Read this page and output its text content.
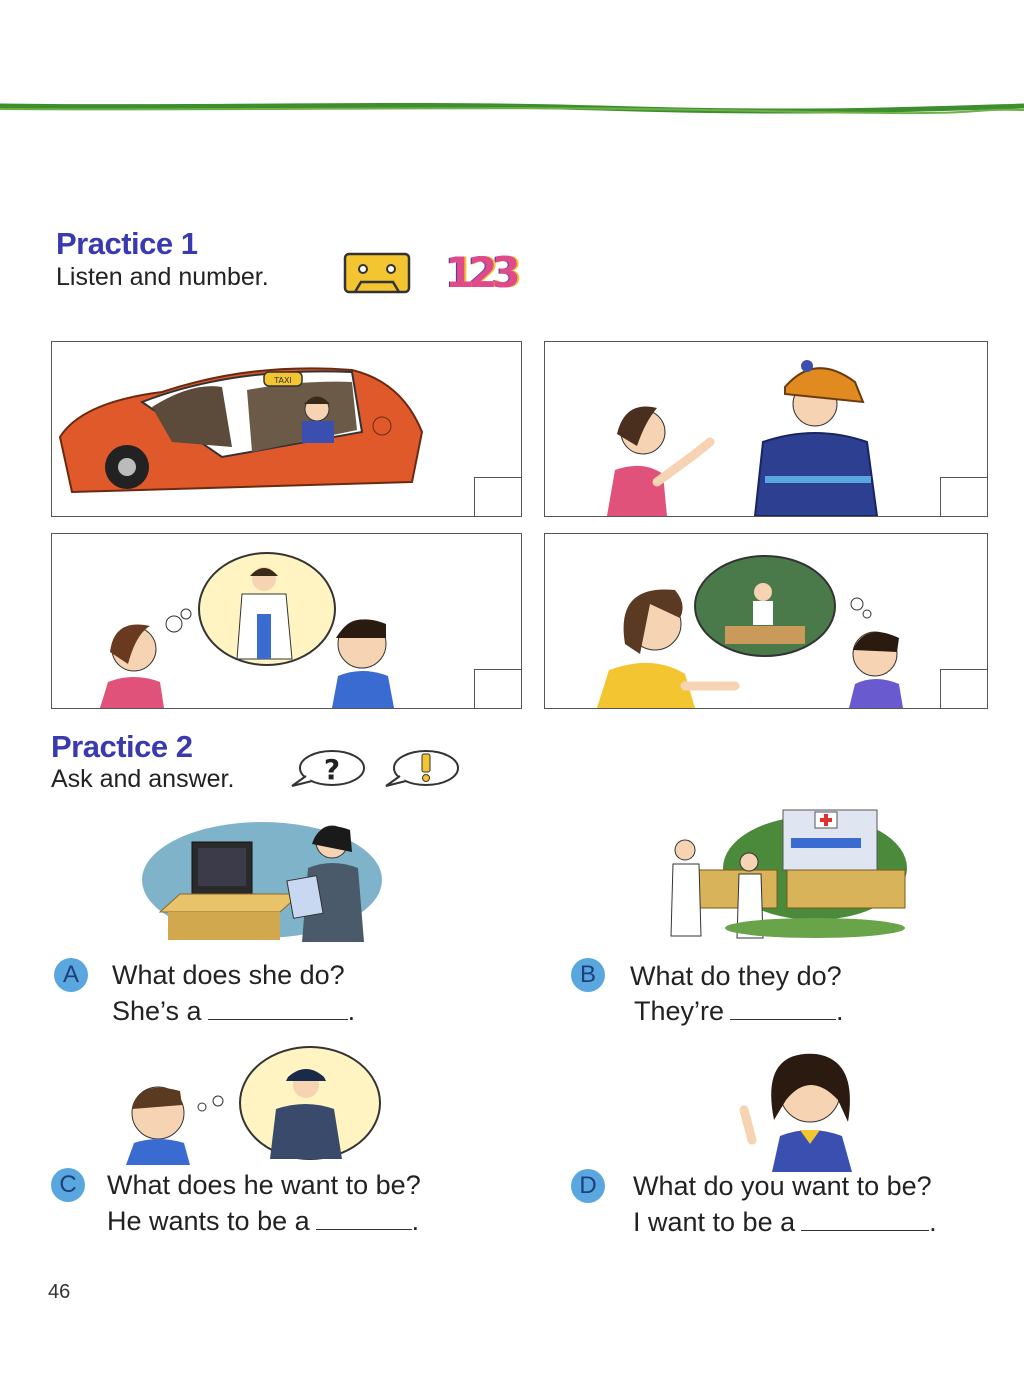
Practice 1
Listen and number.	123
TAXI
Practice 2
Ask and answer.	?
A	What does she do?
She’s a	.
B	What do they do?
They’re	.
C	What does he want to be?
He wants to be a	.
D	What do you want to be?
I want to be a	.
46
